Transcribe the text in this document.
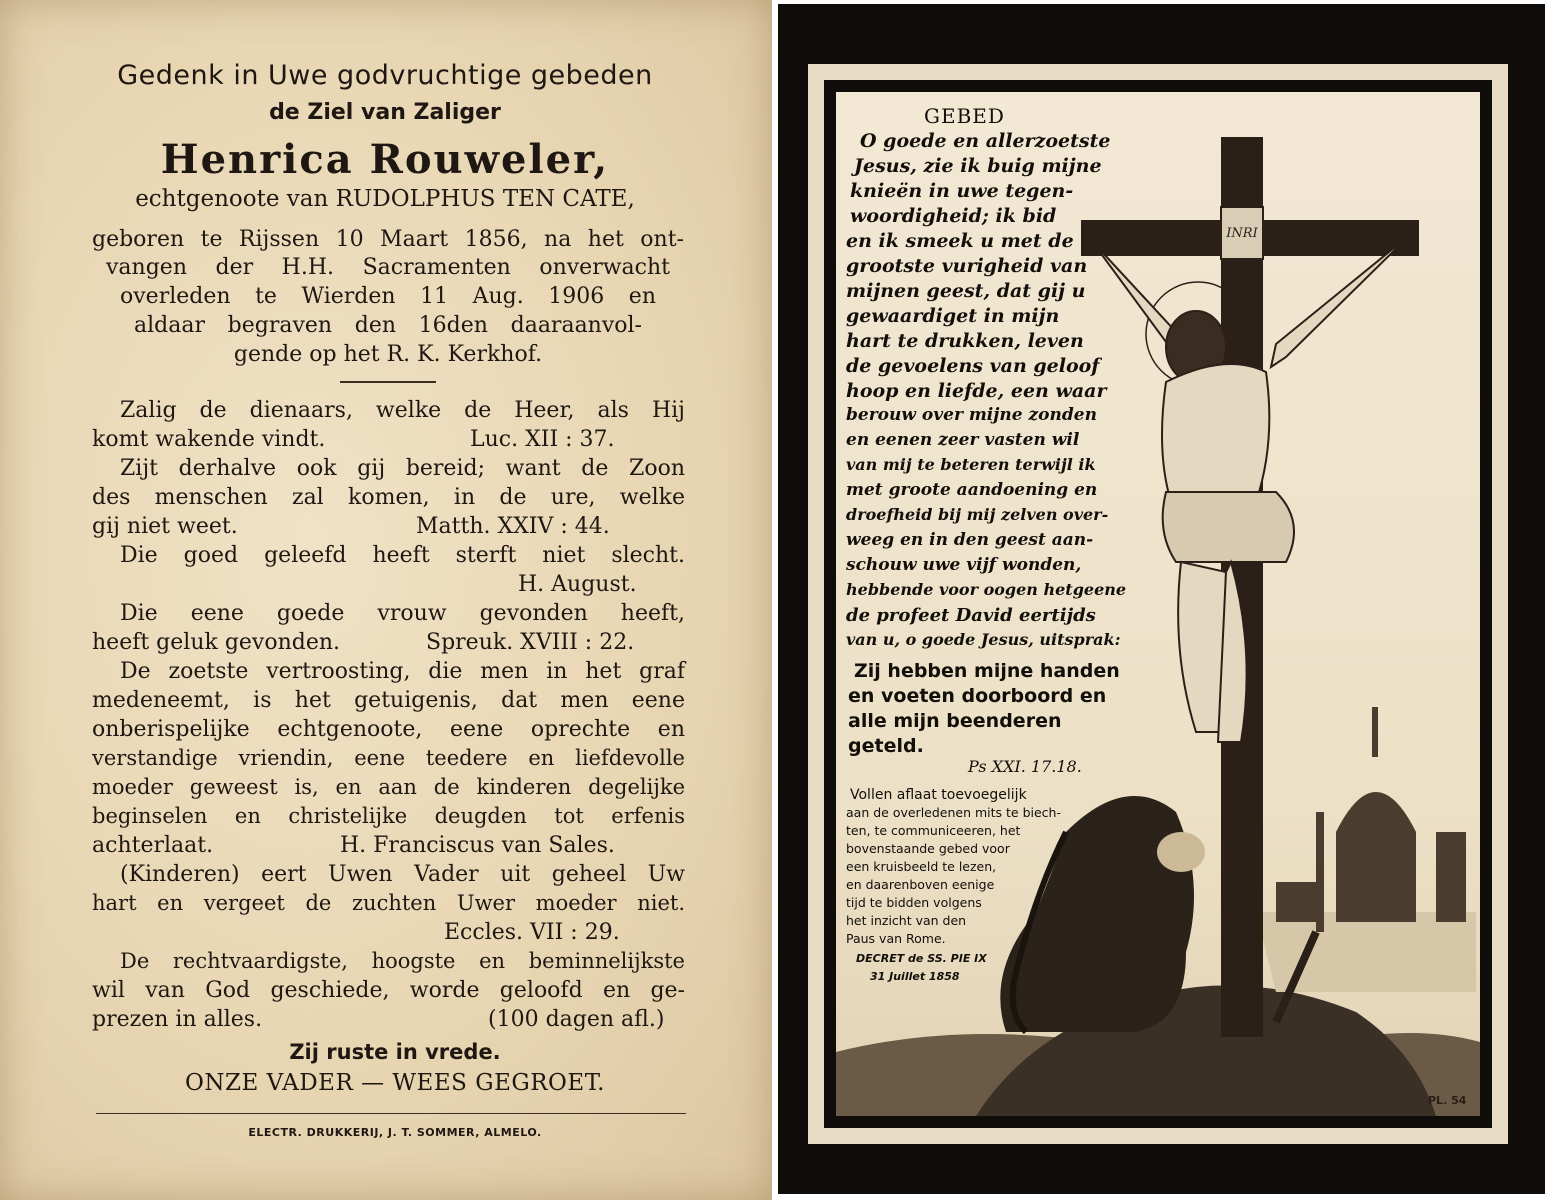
Gedenk in Uwe godvruchtige gebeden
de Ziel van Zaliger
Henrica Rouweler,
echtgenoote van RUDOLPHUS TEN CATE,
geboren te Rijssen 10 Maart 1856, na het ont-
vangen der H.H. Sacramenten onverwacht
overleden te Wierden 11 Aug. 1906 en
aldaar begraven den 16den daaraanvol-
gende op het R. K. Kerkhof.
Zalig de dienaars, welke de Heer, als Hij
komt wakende vindt.	Luc. XII : 37.
Zijt derhalve ook gij bereid; want de Zoon
des menschen zal komen, in de ure, welke
gij niet weet.	Matth. XXIV : 44.
Die goed geleefd heeft sterft niet slecht.
H. August.
Die eene goede vrouw gevonden heeft,
heeft geluk gevonden.	Spreuk. XVIII : 22.
De zoetste vertroosting, die men in het graf
medeneemt, is het getuigenis, dat men eene
onberispelijke echtgenoote, eene oprechte en
verstandige vriendin, eene teedere en liefdevolle
moeder geweest is, en aan de kinderen degelijke
beginselen en christelijke deugden tot erfenis
achterlaat.	H. Franciscus van Sales.
(Kinderen) eert Uwen Vader uit geheel Uw
hart en vergeet de zuchten Uwer moeder niet.
Eccles. VII : 29.
De rechtvaardigste, hoogste en beminnelijkste
wil van God geschiede, worde geloofd en ge-
prezen in alles.	(100 dagen afl.)
Zij ruste in vrede.
ONZE VADER — WEES GEGROET.
ELECTR. DRUKKERIJ, J. T. SOMMER, ALMELO.
INRI
PL. 54
GEBED
O goede en allerzoetste
Jesus, zie ik buig mijne
knieën in uwe tegen-
woordigheid; ik bid
en ik smeek u met de
grootste vurigheid van
mijnen geest, dat gij u
gewaardiget in mijn
hart te drukken, leven
de gevoelens van geloof
hoop en liefde, een waar
berouw over mijne zonden
en eenen zeer vasten wil
van mij te beteren terwijl ik
met groote aandoening en
droefheid bij mij zelven over-
weeg en in den geest aan-
schouw uwe vijf wonden,
hebbende voor oogen hetgeene
de profeet David eertijds
van u, o goede Jesus, uitsprak:
Zij hebben mijne handen
en voeten doorboord en
alle mijn beenderen
geteld.
Ps XXI. 17.18.
Vollen aflaat toevoegelijk
aan de overledenen mits te biech-
ten, te communiceeren, het
bovenstaande gebed voor
een kruisbeeld te lezen,
en daarenboven eenige
tijd te bidden volgens
het inzicht van den
Paus van Rome.
DECRET de SS. PIE IX
31 Juillet 1858
